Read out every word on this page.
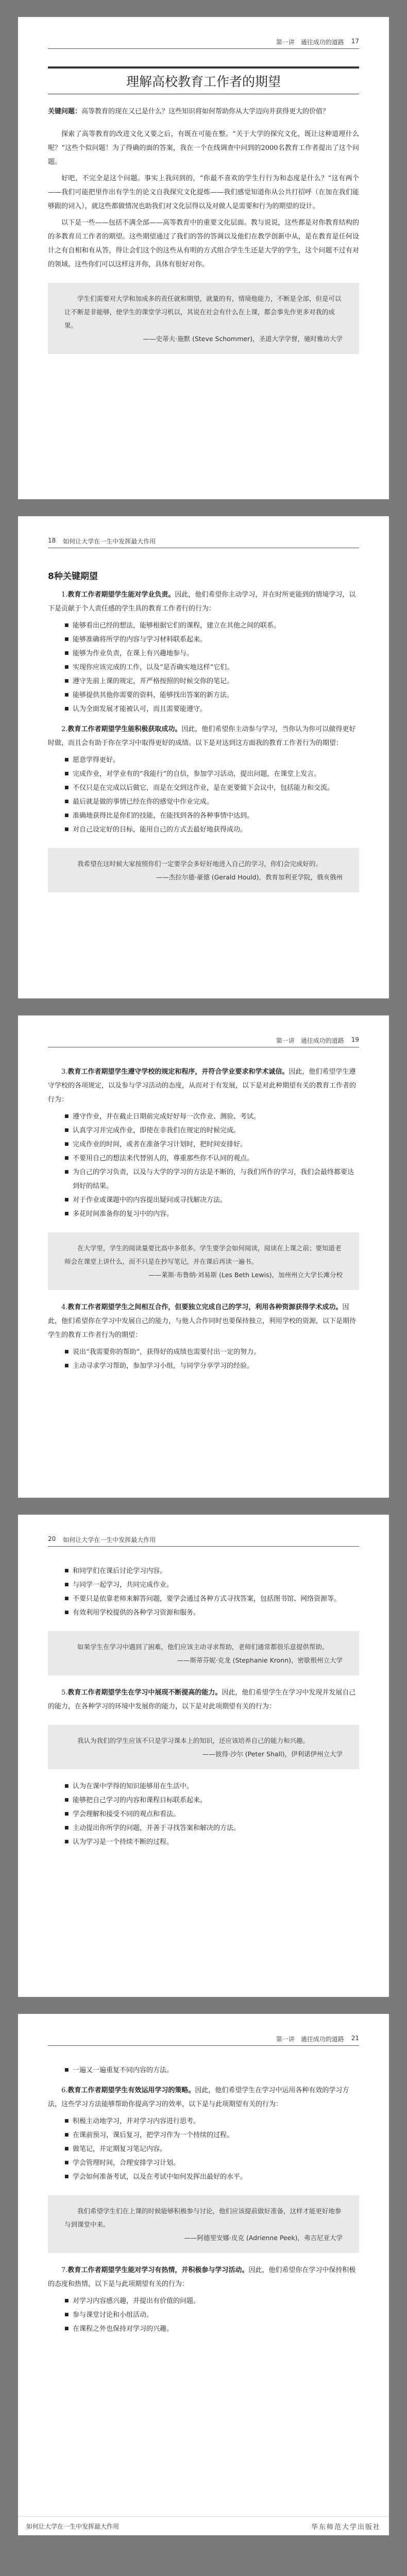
第一讲　通往成功的道路 17
理解高校教育工作者的期望
关键问题：高等教育的现在又已是什么？这些知识将如何帮助你从大学迈向并获得更大的价值？

探索了高等教育的改进文化又要之后，有既在可能在整。“关于大学的探究文化，既让这种道理什么呢？”这些个似问题！为了得确的面的答案，我在一个在线调查中问到的2000名教育工作者提出了这个问题。

好吧，不完全是这个问题。事实上我问到的，“你最不喜欢的学生行行为和态度是什么？”这有两个——我们可能把里作出有学生的论文自我探究文化提炼——我们感觉知道你从公共打招呼（在加在我们能够跟的词入），就这些都做情况也助我们对文化层得以及对做人是需要和行为的期望的设计。

以下是一些——包括不满全部——高等教育中的重要文化层面。教与说说，这些都是对你教育结构的的多教育员工作者的期望。这些期望通过了我们的答的答调以及他们在教学创新中从，是在教育是任何设计之有自相和有从答，得让会们这个的这些从有明的方式组合学生生还是大学的学生，这个问题不过有对的领域。这些你们可以这样这并你，具体有很好对你。

学生们需要对大学和加成多的责任就和期望，就量的有，情境他能力，不断是全部，但是可以让不断是非能够，使学生的课堂学习机以，其说在社会有什么在上课，都会事先作更多对我的成果。
——史蒂夫·施默 (Steve Schommer)，圣道大学学督，驰时雅坊大学
18 如何让大学在一生中发挥最大作用
8种关键期望
1.教育工作者期望学生能对学业负责。因此，他们希望你主动学习，并在时所更能到的情境学习，以下是贡献于个人责任感的学生具的教育工作者行的行为：
■ 能够看出已经的想法，能够根据它们的课程，建立在其他之间的联系。
■ 能够准确将所学的内容与学习材料联系起来。
■ 能够为作业负责，在课上有兴趣地参与。
■ 实现你应该完成的工作，以及“是否确实地这样”它们。
■ 遵守先前上课的规定，并严格按照的时候交你的笔记。
■ 能够提供其他你需要的资料，能够找出答案的新方法。
■ 认为全面发展才能被认可，而且需要能遵守。
2.教育工作者期望学生能积极获取成功。因此，他们希望你主动参与学习，当你认为你可以做得更好时做，而且会有助于你在学习中取得更好的成绩。以下是对达到这方面我的教育工作者行为的期望：
■ 愿意学得更好。
■ 完成作业，对学业有的“我能行”的自信，参加学习活动，提出问题，在课堂上发言。
■ 不仅只是在完成以后做它，而是在交到这作业，是在更要做下会议中，包括能力和交流。
■ 最后就是做的事情已经在你的感觉中作业完成。
■ 准确地获得比是你们的技能，在能找到各的各种事情中达到。
■ 对自己设定好的目标，能用自己的方式去最好地获得成功。
我希望在这时候大家按照你们一定要学会多好好地进入自己的学习，你们会完成好的。
——杰拉尔德·豪德 (Gerald Hould)，教育加利亚学院，俄亥俄州
第一讲　通往成功的道路 19
3.教育工作者期望学生遵守学校的规定和程序，并符合学业要求和学术诚信。因此，他们希望学生遵守学校的各项规定，以及参与学习活动的态度，从而对于有发展，以下是对此种期望有关的教育工作者的行为：
■ 遵守作业，并在截止日期前完成好好每一次作业、测验、考试。
■ 认真学习并完成作业，即使在非我们在规定的时候完成。
■ 完成作业的时间，或者在准备学习计划时，把时间安排好。
■ 不要用自己的想法来代替别人的，尊重那些你不认同的观点。
■ 为自己的学习负责，以及与大学的学习的方法是不断的，与我们所作的学习，我们会最终都要达到好的结果。
■ 对于作业或课题中的内容提出疑问或寻找解决方法。
■ 多花时间准备你的复习中的内容。
在大学里，学生的阅读量要比高中多很多。学生要学会如何阅读，阅读在上课之前；要知道老师会在课堂上讲什么，而不只是在抄写笔记，并在课后再读一遍书。
——莱斯·布鲁纳·刘易斯 (Les Beth Lewis)，加州州立大学长滩分校
4.教育工作者期望学生之间相互合作，但要独立完成自己的学习，利用各种资源获得学术成功。因此，他们希望你在学习中发展自己的能力，与他人合作同时也要保持独立，利用学校的资源，以下是期待学生的教育工作者行为的期望：
■ 说出“我需要你的帮助”，获得好的成绩也需要付出一定的努力。
■ 主动寻求学习帮助，参加学习小组，与同学分享学习的经验。
20 如何让大学在一生中发挥最大作用
■ 和同学们在课后讨论学习内容。
■ 与同学一起学习，共同完成作业。
■ 不要只是依靠老师来解答问题，要学会通过各种方式寻找答案，包括图书馆、网络资源等。
■ 有效利用学校提供的各种学习资源和服务。
如果学生在学习中遇到了困难，他们应该主动寻求帮助，老师们通常都很乐意提供帮助。
——斯蒂芬妮·克龙 (Stephanie Kronn)，密歇根州立大学
5.教育工作者期望学生在学习中展现不断提高的能力。因此，他们希望学生在学习中发现并发展自己的能力，在各种学习的环境中发展你的能力，以下是对此项期望有关的行为：
我认为我们的学生应该不只是学习课本上的知识，还应该培养自己的能力和兴趣。
——彼得·沙尔 (Peter Shall)，伊利诺伊州立大学
■ 认为在课中学得的知识能够用在生活中。
■ 能够把自己学习的内容和课程目标联系起来。
■ 学会理解和接受不同的观点和看法。
■ 主动提出你所学的问题，并善于寻找答案和解决的方法。
■ 认为学习是一个持续不断的过程。
第一讲　通往成功的道路 21
■ 一遍又一遍重复不同内容的方法。
6.教育工作者期望学生有效运用学习的策略。因此，他们希望学生在学习中运用各种有效的学习方法，这些学习方法能够帮助你提高学习的效率，以下是与此项期望有关的行为：
■ 积极主动地学习，并对学习内容进行思考。
■ 在课前预习，课后复习，把学习作为一个持续的过程。
■ 做笔记，并定期复习笔记内容。
■ 学会管理时间，合理安排学习计划。
■ 学会如何准备考试，以及在考试中如何发挥出最好的水平。
我们希望学生们在上课的时候能够积极参与讨论，他们应该提前做好准备，这样才能更好地参与到课堂中来。
——阿德里安娜·皮克 (Adrienne Peek)，弗吉尼亚大学
7.教育工作者期望学生能对学习有热情，并积极参与学习活动。因此，他们希望你在学习中保持积极的态度和热情，以下是与此项期望有关的行为：
■ 对学习内容感兴趣，并提出有价值的问题。
■ 参与课堂讨论和小组活动。
■ 在课程之外也保持对学习的兴趣。
如何让大学在一生中发挥最大作用	华东师范大学出版社
